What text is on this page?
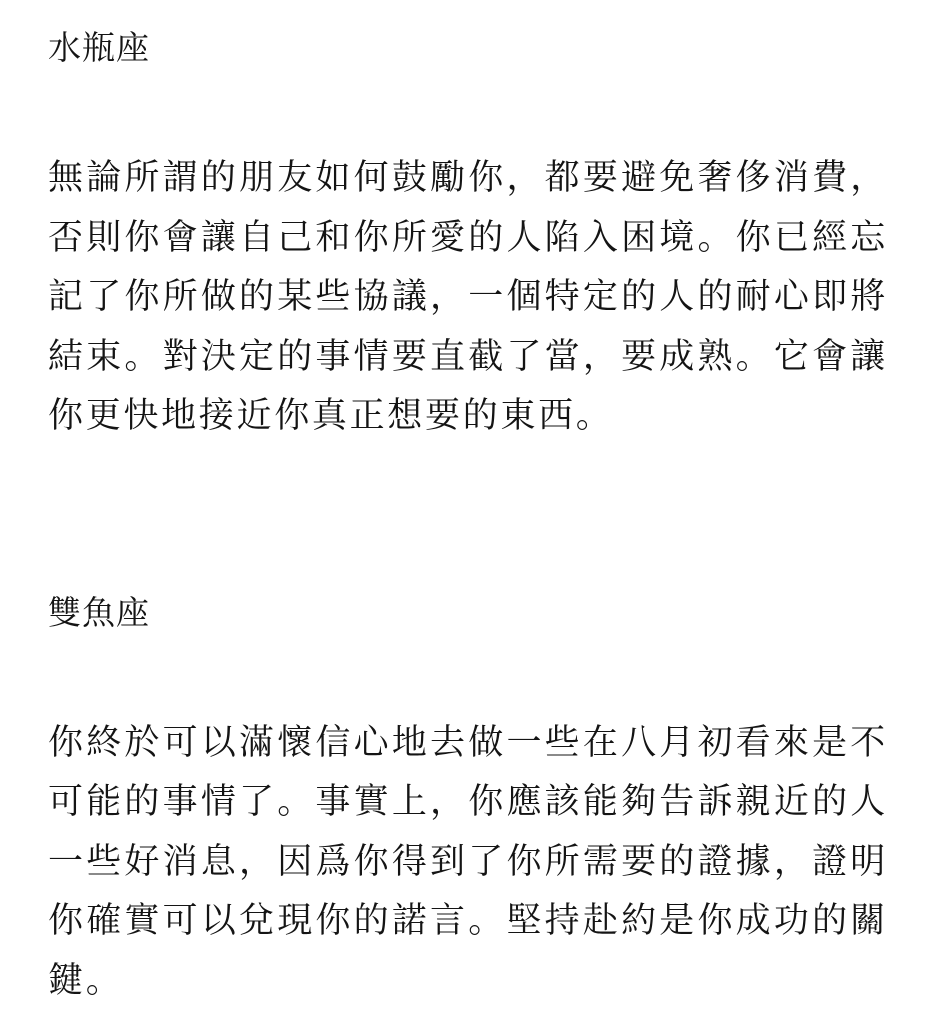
水瓶座

無論所謂的朋友如何鼓勵你，都要避免奢侈消費，否則你會讓自己和你所愛的人陷入困境。你已經忘記了你所做的某些協議，一個特定的人的耐心即將結束。對決定的事情要直截了當，要成熟。它會讓你更快地接近你真正想要的東西。

雙魚座

你終於可以滿懷信心地去做一些在八月初看來是不可能的事情了。事實上，你應該能夠告訴親近的人一些好消息，因爲你得到了你所需要的證據，證明你確實可以兌現你的諾言。堅持赴約是你成功的關鍵。
